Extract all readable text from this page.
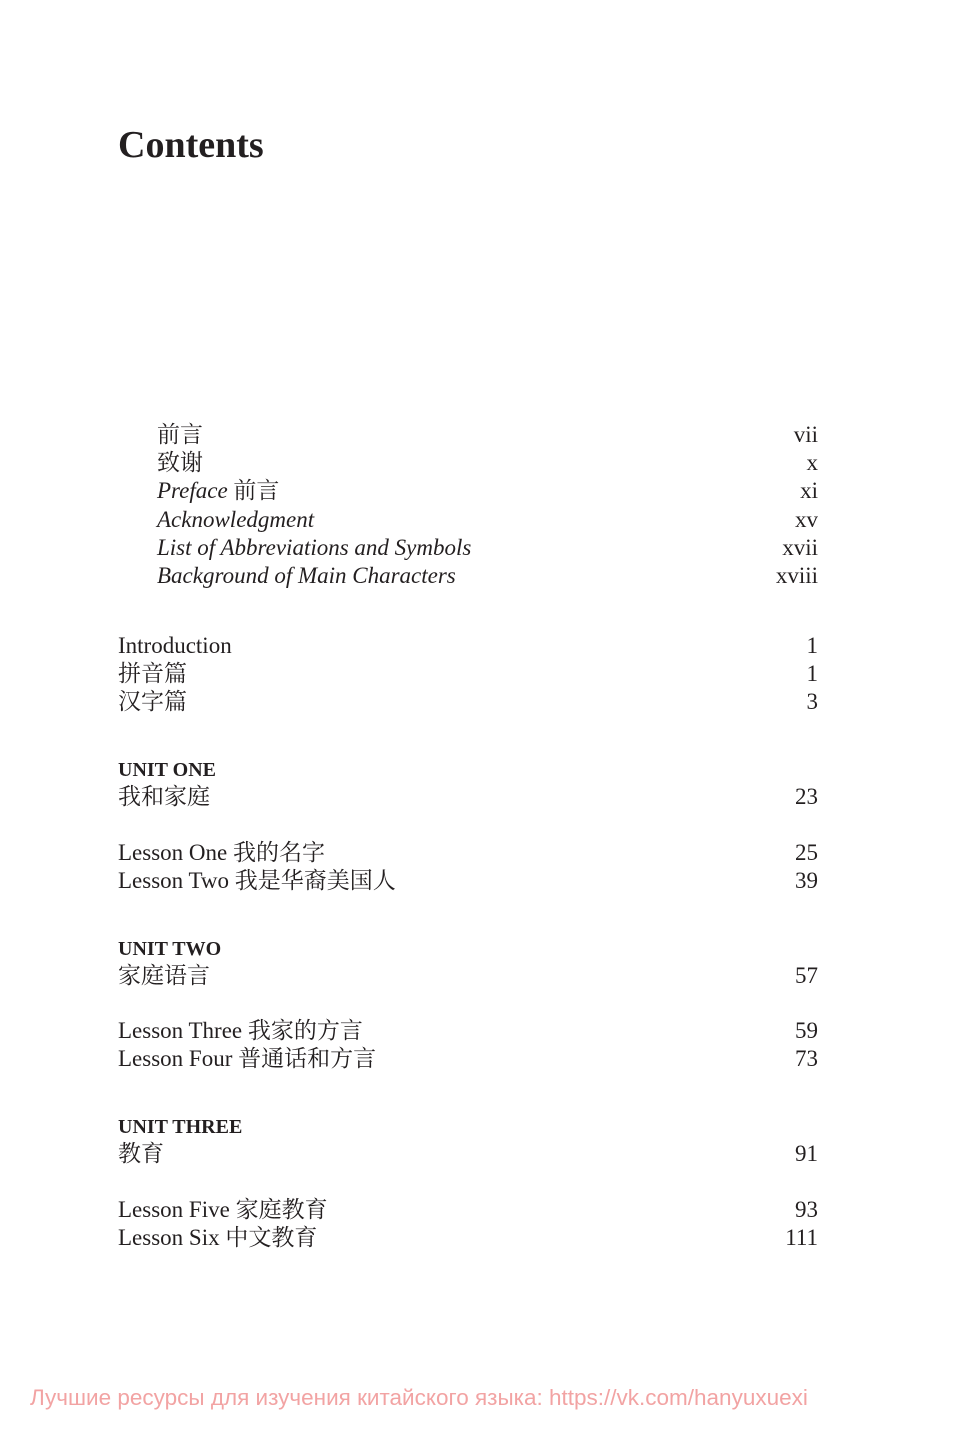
Contents
前言	vii
致谢	x
Preface 前言	xi
Acknowledgment	xv
List of Abbreviations and Symbols	xvii
Background of Main Characters	xviii
Introduction	1
拼音篇	1
汉字篇	3
UNIT ONE
我和家庭	23
Lesson One 我的名字	25
Lesson Two 我是华裔美国人	39
UNIT TWO
家庭语言	57
Lesson Three 我家的方言	59
Lesson Four 普通话和方言	73
UNIT THREE
教育	91
Lesson Five 家庭教育	93
Lesson Six 中文教育	111
Лучшие ресурсы для изучения китайского языка: https://vk.com/hanyuxuexi
